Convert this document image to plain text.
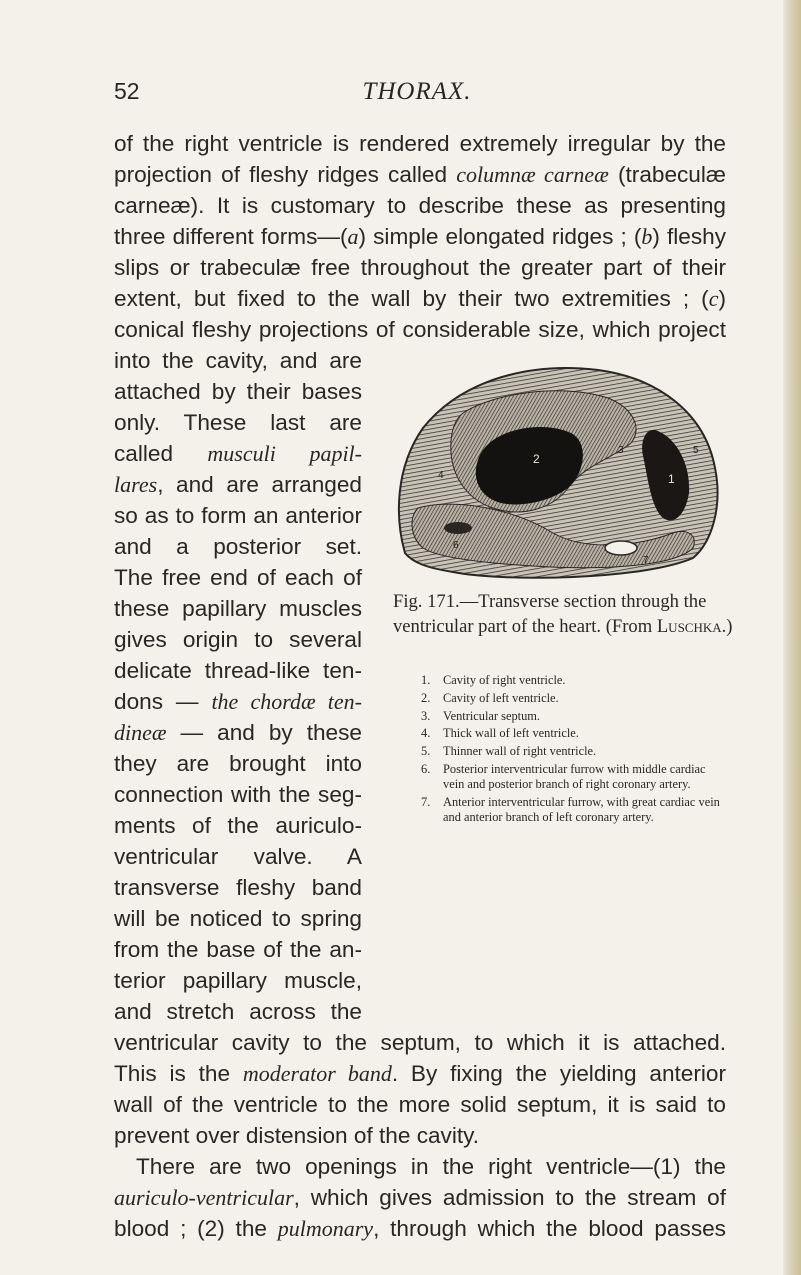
52	THORAX.
of the right ventricle is rendered extremely irregular by the
projection of fleshy ridges called columnæ carneæ (trabeculæ
carneæ). It is customary to describe these as presenting
three different forms—(a) simple elongated ridges ; (b) fleshy
slips or trabeculæ free throughout the greater part of their
extent, but fixed to the wall by their two extremities ; (c)
conical fleshy projections of considerable size, which project
into the cavity, and are
attached by their bases
only. These last are
called musculi papil-
lares, and are arranged
so as to form an anterior
and a posterior set.
The free end of each of
these papillary muscles
gives origin to several
delicate thread-like ten-
dons — the chordæ ten-
dineæ — and by these
they are brought into
connection with the seg-
ments of the auriculo-
ventricular valve. A
transverse fleshy band
will be noticed to spring
from the base of the an-
terior papillary muscle,
and stretch across the
ventricular cavity to the septum, to which it is attached.
This is the moderator band. By fixing the yielding anterior
wall of the ventricle to the more solid septum, it is said to
prevent over distension of the cavity.
There are two openings in the right ventricle—(1) the
auriculo-ventricular, which gives admission to the stream of
blood ; (2) the pulmonary, through which the blood passes
2
1
3
4
5
6
7
Fig. 171.—Transverse section through the ventricular part of the heart. (From Luschka.)
1.	Cavity of right ventricle.
2.	Cavity of left ventricle.
3.	Ventricular septum.
4.	Thick wall of left ventricle.
5.	Thinner wall of right ventricle.
6.	Posterior interventricular furrow with middle cardiac vein and posterior branch of right coronary artery.
7.	Anterior interventricular furrow, with great cardiac vein and anterior branch of left coronary artery.
